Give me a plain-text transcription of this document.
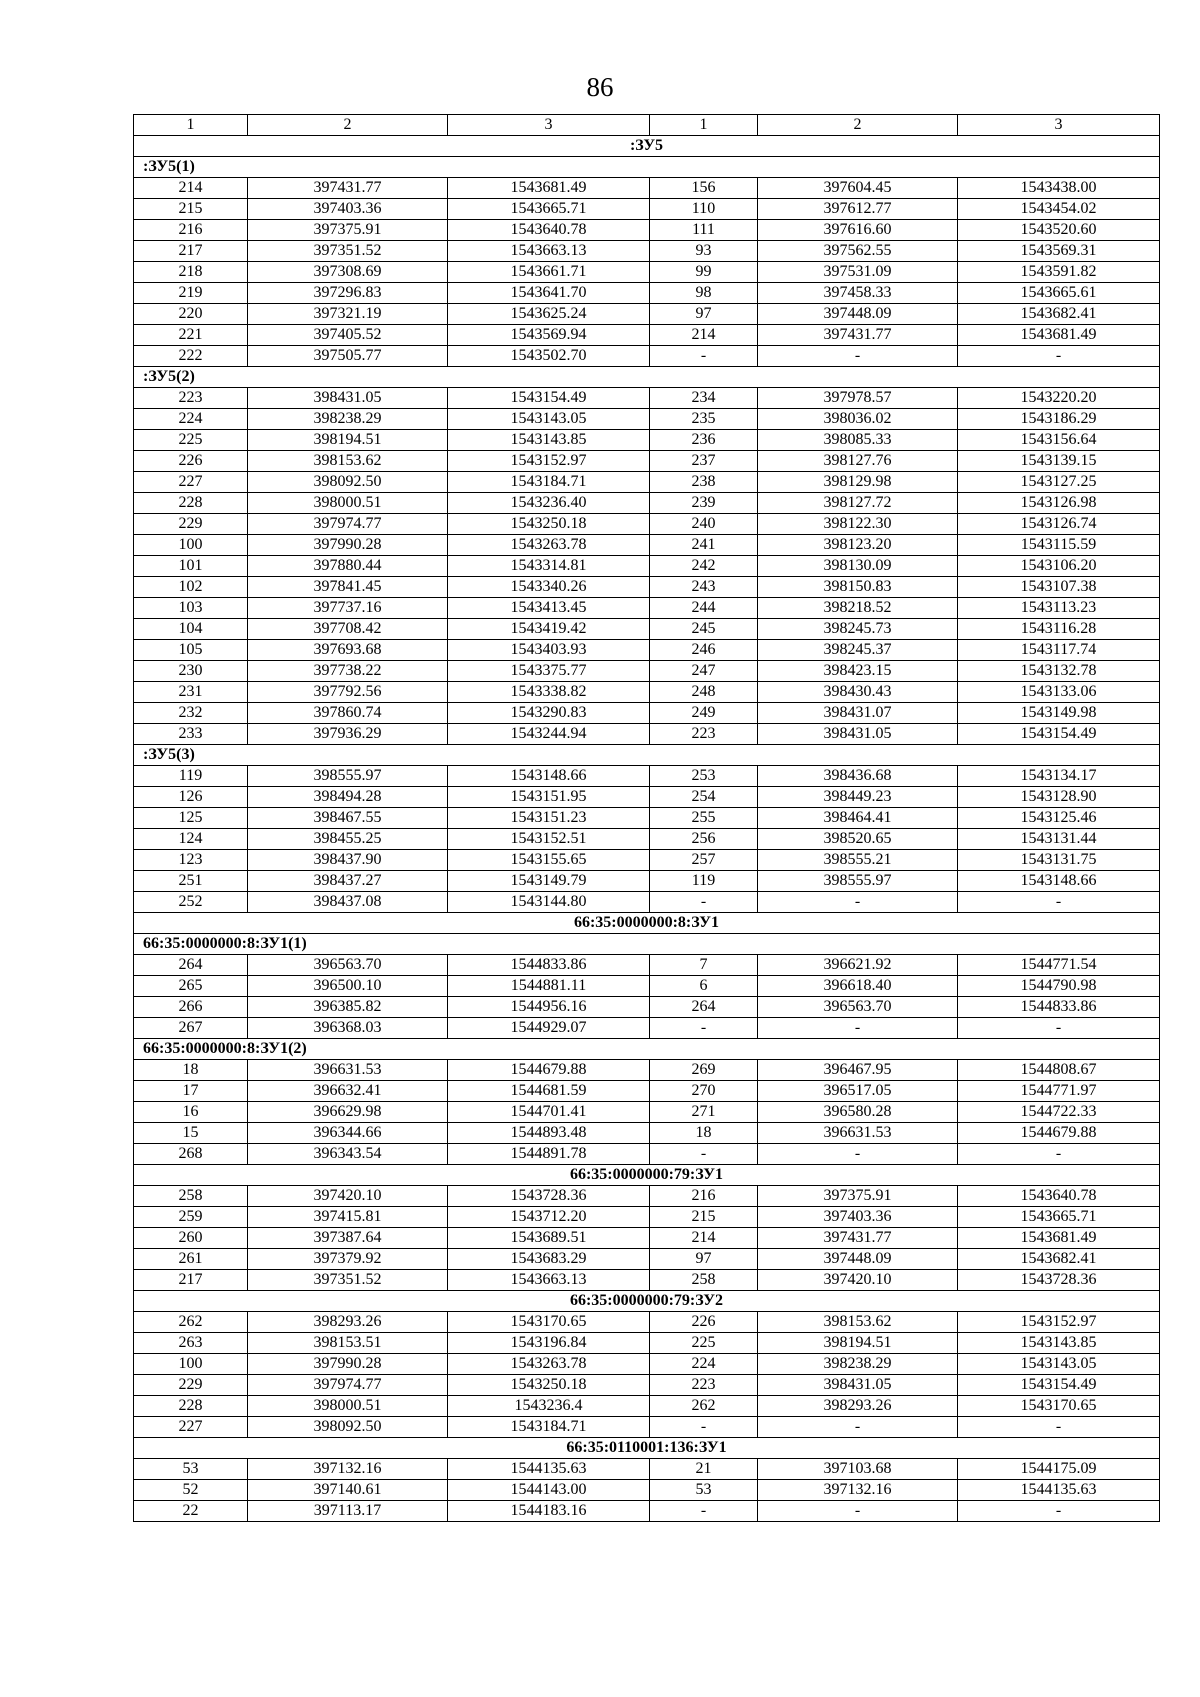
86
1	2	3	1	2	3
:ЗУ5					
:ЗУ5(1)					
214	397431.77	1543681.49	156	397604.45	1543438.00
215	397403.36	1543665.71	110	397612.77	1543454.02
216	397375.91	1543640.78	111	397616.60	1543520.60
217	397351.52	1543663.13	93	397562.55	1543569.31
218	397308.69	1543661.71	99	397531.09	1543591.82
219	397296.83	1543641.70	98	397458.33	1543665.61
220	397321.19	1543625.24	97	397448.09	1543682.41
221	397405.52	1543569.94	214	397431.77	1543681.49
222	397505.77	1543502.70	-	-	-
:ЗУ5(2)					
223	398431.05	1543154.49	234	397978.57	1543220.20
224	398238.29	1543143.05	235	398036.02	1543186.29
225	398194.51	1543143.85	236	398085.33	1543156.64
226	398153.62	1543152.97	237	398127.76	1543139.15
227	398092.50	1543184.71	238	398129.98	1543127.25
228	398000.51	1543236.40	239	398127.72	1543126.98
229	397974.77	1543250.18	240	398122.30	1543126.74
100	397990.28	1543263.78	241	398123.20	1543115.59
101	397880.44	1543314.81	242	398130.09	1543106.20
102	397841.45	1543340.26	243	398150.83	1543107.38
103	397737.16	1543413.45	244	398218.52	1543113.23
104	397708.42	1543419.42	245	398245.73	1543116.28
105	397693.68	1543403.93	246	398245.37	1543117.74
230	397738.22	1543375.77	247	398423.15	1543132.78
231	397792.56	1543338.82	248	398430.43	1543133.06
232	397860.74	1543290.83	249	398431.07	1543149.98
233	397936.29	1543244.94	223	398431.05	1543154.49
:ЗУ5(3)					
119	398555.97	1543148.66	253	398436.68	1543134.17
126	398494.28	1543151.95	254	398449.23	1543128.90
125	398467.55	1543151.23	255	398464.41	1543125.46
124	398455.25	1543152.51	256	398520.65	1543131.44
123	398437.90	1543155.65	257	398555.21	1543131.75
251	398437.27	1543149.79	119	398555.97	1543148.66
252	398437.08	1543144.80	-	-	-
66:35:0000000:8:ЗУ1					
66:35:0000000:8:ЗУ1(1)					
264	396563.70	1544833.86	7	396621.92	1544771.54
265	396500.10	1544881.11	6	396618.40	1544790.98
266	396385.82	1544956.16	264	396563.70	1544833.86
267	396368.03	1544929.07	-	-	-
66:35:0000000:8:ЗУ1(2)					
18	396631.53	1544679.88	269	396467.95	1544808.67
17	396632.41	1544681.59	270	396517.05	1544771.97
16	396629.98	1544701.41	271	396580.28	1544722.33
15	396344.66	1544893.48	18	396631.53	1544679.88
268	396343.54	1544891.78	-	-	-
66:35:0000000:79:ЗУ1					
258	397420.10	1543728.36	216	397375.91	1543640.78
259	397415.81	1543712.20	215	397403.36	1543665.71
260	397387.64	1543689.51	214	397431.77	1543681.49
261	397379.92	1543683.29	97	397448.09	1543682.41
217	397351.52	1543663.13	258	397420.10	1543728.36
66:35:0000000:79:ЗУ2					
262	398293.26	1543170.65	226	398153.62	1543152.97
263	398153.51	1543196.84	225	398194.51	1543143.85
100	397990.28	1543263.78	224	398238.29	1543143.05
229	397974.77	1543250.18	223	398431.05	1543154.49
228	398000.51	1543236.4	262	398293.26	1543170.65
227	398092.50	1543184.71	-	-	-
66:35:0110001:136:ЗУ1					
53	397132.16	1544135.63	21	397103.68	1544175.09
52	397140.61	1544143.00	53	397132.16	1544135.63
22	397113.17	1544183.16	-	-	-
